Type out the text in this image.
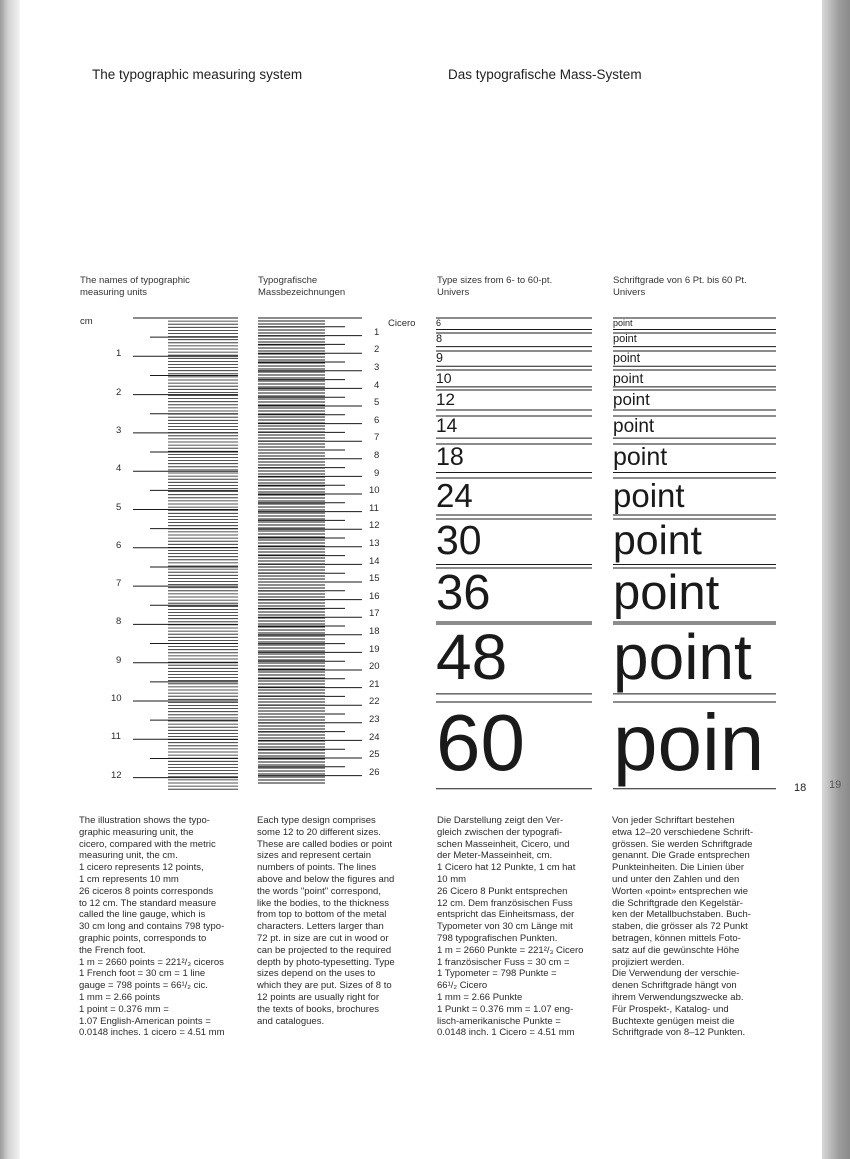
The typographic measuring system	Das typografische Mass-System
The names of typographic
measuring units
Typografische
Massbezeichnungen
Type sizes from 6- to 60-pt.
Univers
Schriftgrade von 6 Pt. bis 60 Pt.
Univers
cm	Cicero
1
2
3
4
5
6
7
8
9
10
11
12
1
2
3
4
5
6
7
8
9
10
11
12
13
14
15
16
17
18
19
20
21
22
23
24
25
26
6	point
8	point
9	point
10	point
12	point
14	point
18	point
24	point
30	point
36 point
48 point
60 poin
The illustration shows the typo-
graphic measuring unit, the
cicero, compared with the metric
measuring unit, the cm.
1 cicero represents 12 points,
1 cm represents 10 mm
26 ciceros 8 points corresponds
to 12 cm. The standard measure
called the line gauge, which is
30 cm long and contains 798 typo-
graphic points, corresponds to
the French foot.
1 m = 2660 points = 221²/₃ ciceros
1 French foot = 30 cm = 1 line
gauge = 798 points = 66¹/₂ cic.
1 mm = 2.66 points
1 point = 0.376 mm =
1.07 English-American points =
0.0148 inches. 1 cicero = 4.51 mm
Each type design comprises
some 12 to 20 different sizes.
These are called bodies or point
sizes and represent certain
numbers of points. The lines
above and below the figures and
the words "point" correspond,
like the bodies, to the thickness
from top to bottom of the metal
characters. Letters larger than
72 pt. in size are cut in wood or
can be projected to the required
depth by photo-typesetting. Type
sizes depend on the uses to
which they are put. Sizes of 8 to
12 points are usually right for
the texts of books, brochures
and catalogues.
Die Darstellung zeigt den Ver-
gleich zwischen der typografi-
schen Masseinheit, Cicero, und
der Meter-Masseinheit, cm.
1 Cicero hat 12 Punkte, 1 cm hat
10 mm
26 Cicero 8 Punkt entsprechen
12 cm. Dem französischen Fuss
entspricht das Einheitsmass, der
Typometer von 30 cm Länge mit
798 typografischen Punkten.
1 m = 2660 Punkte = 221²/₃ Cicero
1 französischer Fuss = 30 cm =
1 Typometer = 798 Punkte =
66¹/₂ Cicero
1 mm = 2.66 Punkte
1 Punkt = 0.376 mm = 1.07 eng-
lisch-amerikanische Punkte =
0.0148 inch. 1 Cicero = 4.51 mm
Von jeder Schriftart bestehen
etwa 12–20 verschiedene Schrift-
grössen. Sie werden Schriftgrade
genannt. Die Grade entsprechen
Punkteinheiten. Die Linien über
und unter den Zahlen und den
Worten «point» entsprechen wie
die Schriftgrade den Kegelstär-
ken der Metallbuchstaben. Buch-
staben, die grösser als 72 Punkt
betragen, können mittels Foto-
satz auf die gewünschte Höhe
projiziert werden.
Die Verwendung der verschie-
denen Schriftgrade hängt von
ihrem Verwendungszwecke ab.
Für Prospekt-, Katalog- und
Buchtexte genügen meist die
Schriftgrade von 8–12 Punkten.
18 19
